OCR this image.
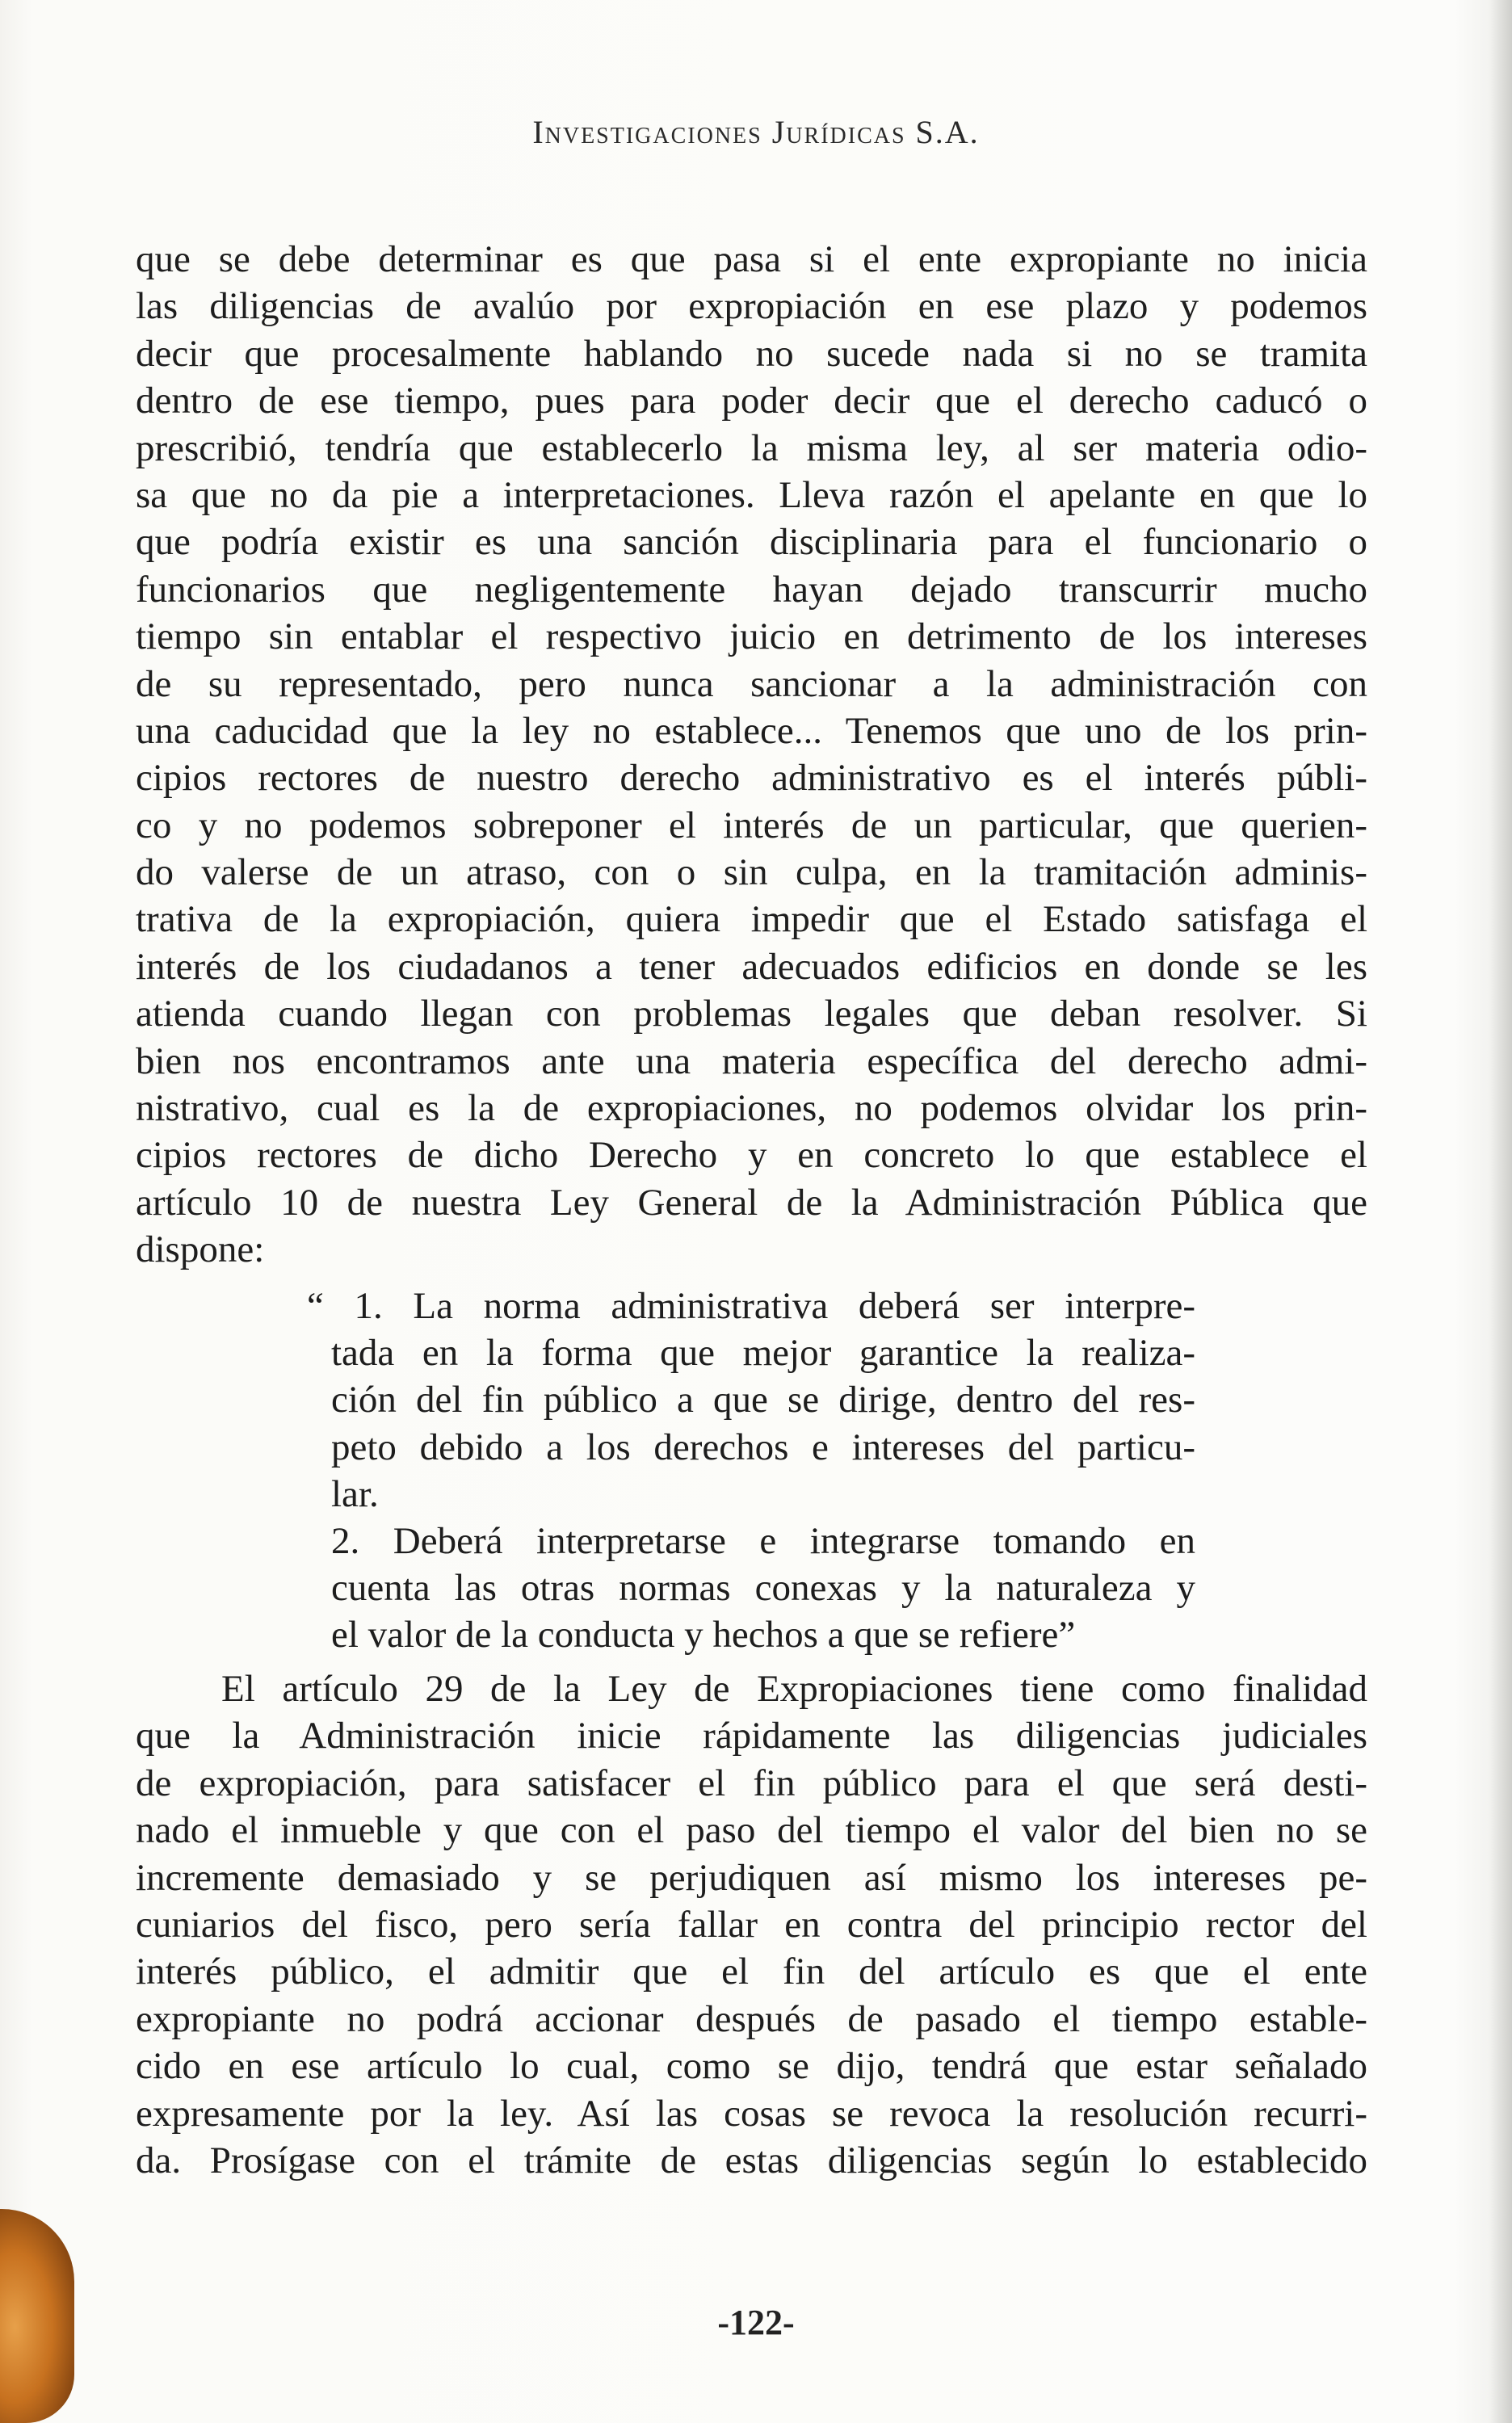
Investigaciones Jurídicas S.A.
que se debe determinar es que pasa si el ente expropiante no inicia
las diligencias de avalúo por expropiación en ese plazo y podemos
decir que procesalmente hablando no sucede nada si no se tramita
dentro de ese tiempo, pues para poder decir que el derecho caducó o
prescribió, tendría que establecerlo la misma ley, al ser materia odio-
sa que no da pie a interpretaciones. Lleva razón el apelante en que lo
que podría existir es una sanción disciplinaria para el funcionario o
funcionarios que negligentemente hayan dejado transcurrir mucho
tiempo sin entablar el respectivo juicio en detrimento de los intereses
de su representado, pero nunca sancionar a la administración con
una caducidad que la ley no establece... Tenemos que uno de los prin-
cipios rectores de nuestro derecho administrativo es el interés públi-
co y no podemos sobreponer el interés de un particular, que querien-
do valerse de un atraso, con o sin culpa, en la tramitación adminis-
trativa de la expropiación, quiera impedir que el Estado satisfaga el
interés de los ciudadanos a tener adecuados edificios en donde se les
atienda cuando llegan con problemas legales que deban resolver. Si
bien nos encontramos ante una materia específica del derecho admi-
nistrativo, cual es la de expropiaciones, no podemos olvidar los prin-
cipios rectores de dicho Derecho y en concreto lo que establece el
artículo 10 de nuestra Ley General de la Administración Pública que
dispone:
“ 1. La norma administrativa deberá ser interpre-
tada en la forma que mejor garantice la realiza-
ción del fin público a que se dirige, dentro del res-
peto debido a los derechos e intereses del particu-
lar.
2. Deberá interpretarse e integrarse tomando en
cuenta las otras normas conexas y la naturaleza y
el valor de la conducta y hechos a que se refiere”
El artículo 29 de la Ley de Expropiaciones tiene como finalidad
que la Administración inicie rápidamente las diligencias judiciales
de expropiación, para satisfacer el fin público para el que será desti-
nado el inmueble y que con el paso del tiempo el valor del bien no se
incremente demasiado y se perjudiquen así mismo los intereses pe-
cuniarios del fisco, pero sería fallar en contra del principio rector del
interés público, el admitir que el fin del artículo es que el ente
expropiante no podrá accionar después de pasado el tiempo estable-
cido en ese artículo lo cual, como se dijo, tendrá que estar señalado
expresamente por la ley. Así las cosas se revoca la resolución recurri-
da. Prosígase con el trámite de estas diligencias según lo establecido
-122-
